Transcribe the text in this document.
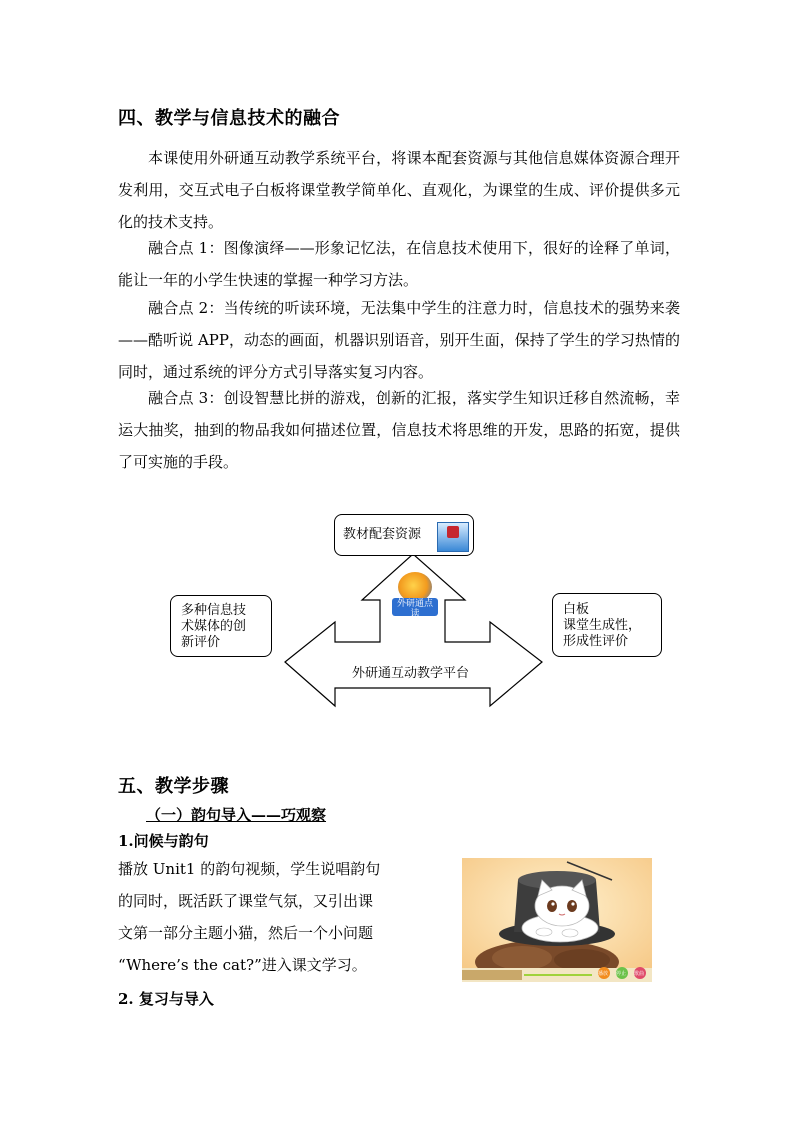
四、教学与信息技术的融合
本课使用外研通互动教学系统平台，将课本配套资源与其他信息媒体资源合理开发利用，交互式电子白板将课堂教学简单化、直观化，为课堂的生成、评价提供多元化的技术支持。
融合点 1：图像演绎——形象记忆法，在信息技术使用下，很好的诠释了单词，能让一年的小学生快速的掌握一种学习方法。
融合点 2：当传统的听读环境，无法集中学生的注意力时，信息技术的强势来袭——酷听说 APP，动态的画面，机器识别语音，别开生面，保持了学生的学习热情的同时，通过系统的评分方式引导落实复习内容。
融合点 3：创设智慧比拼的游戏，创新的汇报，落实学生知识迁移自然流畅，幸运大抽奖，抽到的物品我如何描述位置，信息技术将思维的开发，思路的拓宽，提供了可实施的手段。
教材配套资源
外研通点读
多种信息技
术媒体的创
新评价
白板
课堂生成性，
形成性评价
外研通互动教学平台
五、教学步骤
（一）韵句导入——巧观察
1.问候与韵句
播放 Unit1 的韵句视频，学生说唱韵句
的同时，既活跃了课堂气氛，又引出课
文第一部分主题小猫，然后一个小问题
“Where’s the cat?”进入课文学习。
2. 复习与导入
播放 停止 歌曲
